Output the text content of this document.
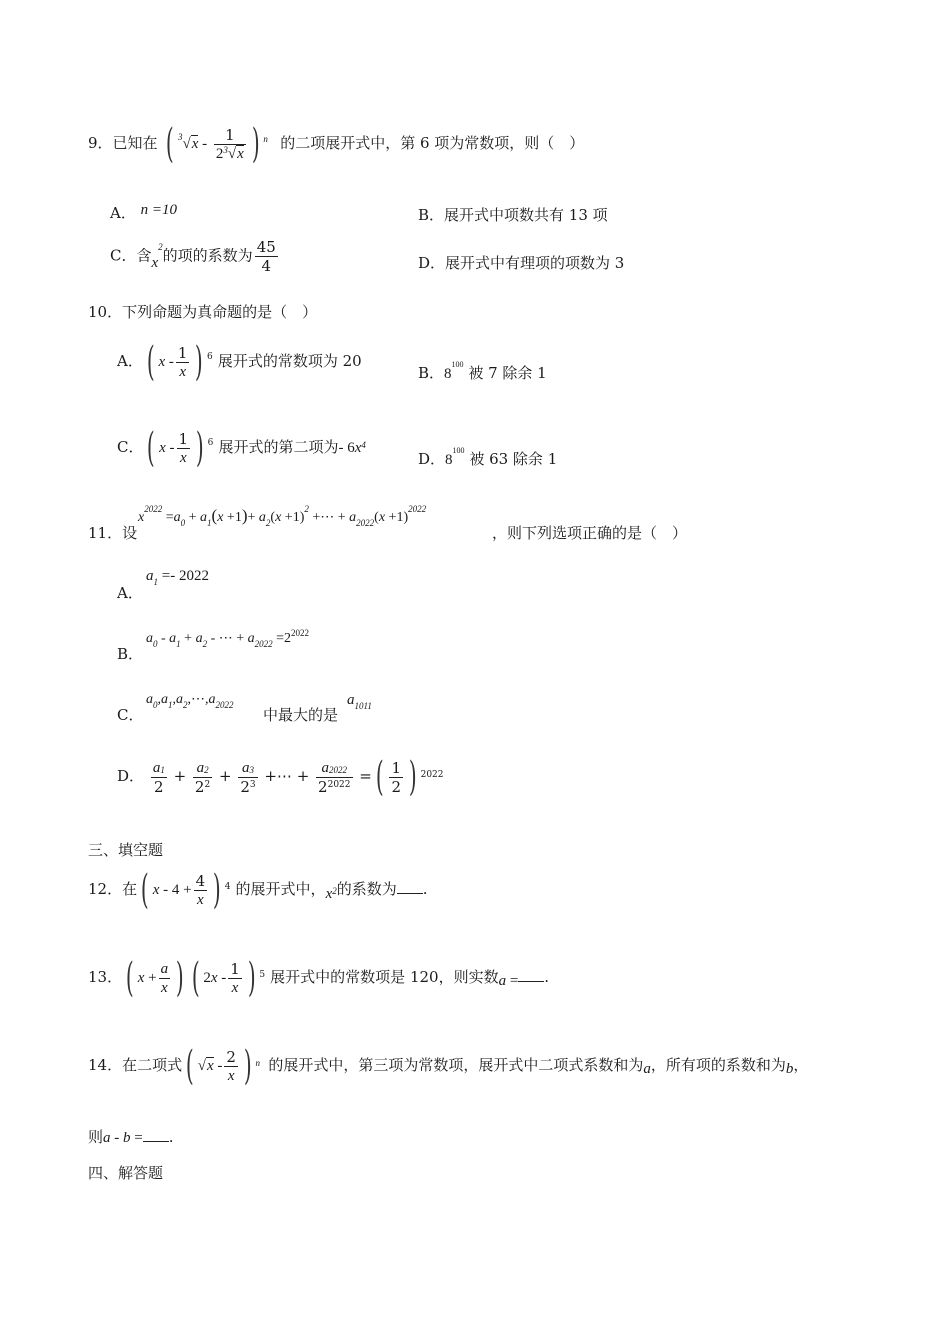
9．已知在 ( $^3√x - \frac{1}{2^3√x}$ ) n 的二项展开式中，第 6 项为常数项，则（　）
A． n =10	B．展开式中项数共有 13 项
C．含$x^2$的项的系数为 $\frac{45}{4}$	D．展开式中有理项的项数为 3
10．下列命题为真命题的是（　）
A．( x - $\frac{1}{x}$ ) 6 展开式的常数项为 20
B．$8^{100}$ 被 7 除余 1
C．( x - $\frac{1}{x}$ ) 6 展开式的第二项为- $6x^4$
D．$8^{100}$ 被 63 除余 1
11．设
$x^{2022} =a_0 + a_1(x +1)+ a_2(x +1)^2$ +⋯ + $a_{2022}(x +1)^{2022}$
，则下列选项正确的是（　）
A．
$a_1 =- 2022$
B．
$a_0 - a_1 + a_2$ - ⋯ + $a_{2022} =2^{2022}$
C．
$a_0,a_1,a_2,\cdots,a_{2022}$
中最大的是
$a_{1011}$
D． $\frac{a_1}{2} + \frac{a_2}{2^2} + \frac{a_3}{2^3}$ +⋯ + $\frac{a_{2022}}{2^{2022}}$ =( $\frac{1}{2}$ ) 2022
三、填空题
12．在( $x - 4 + \frac{4}{x}$ ) 4 的展开式中，$x^2$的系数为 .
13．( $x + \frac{a}{x}$ ) ( $2x - \frac{1}{x}$ ) 5 展开式中的常数项是 120，则实数a = .
14．在二项式( $√x - \frac{2}{x}$ ) n 的展开式中，第三项为常数项，展开式中二项式系数和为a，所有项的系数和为b，
则a - b = .
四、解答题
